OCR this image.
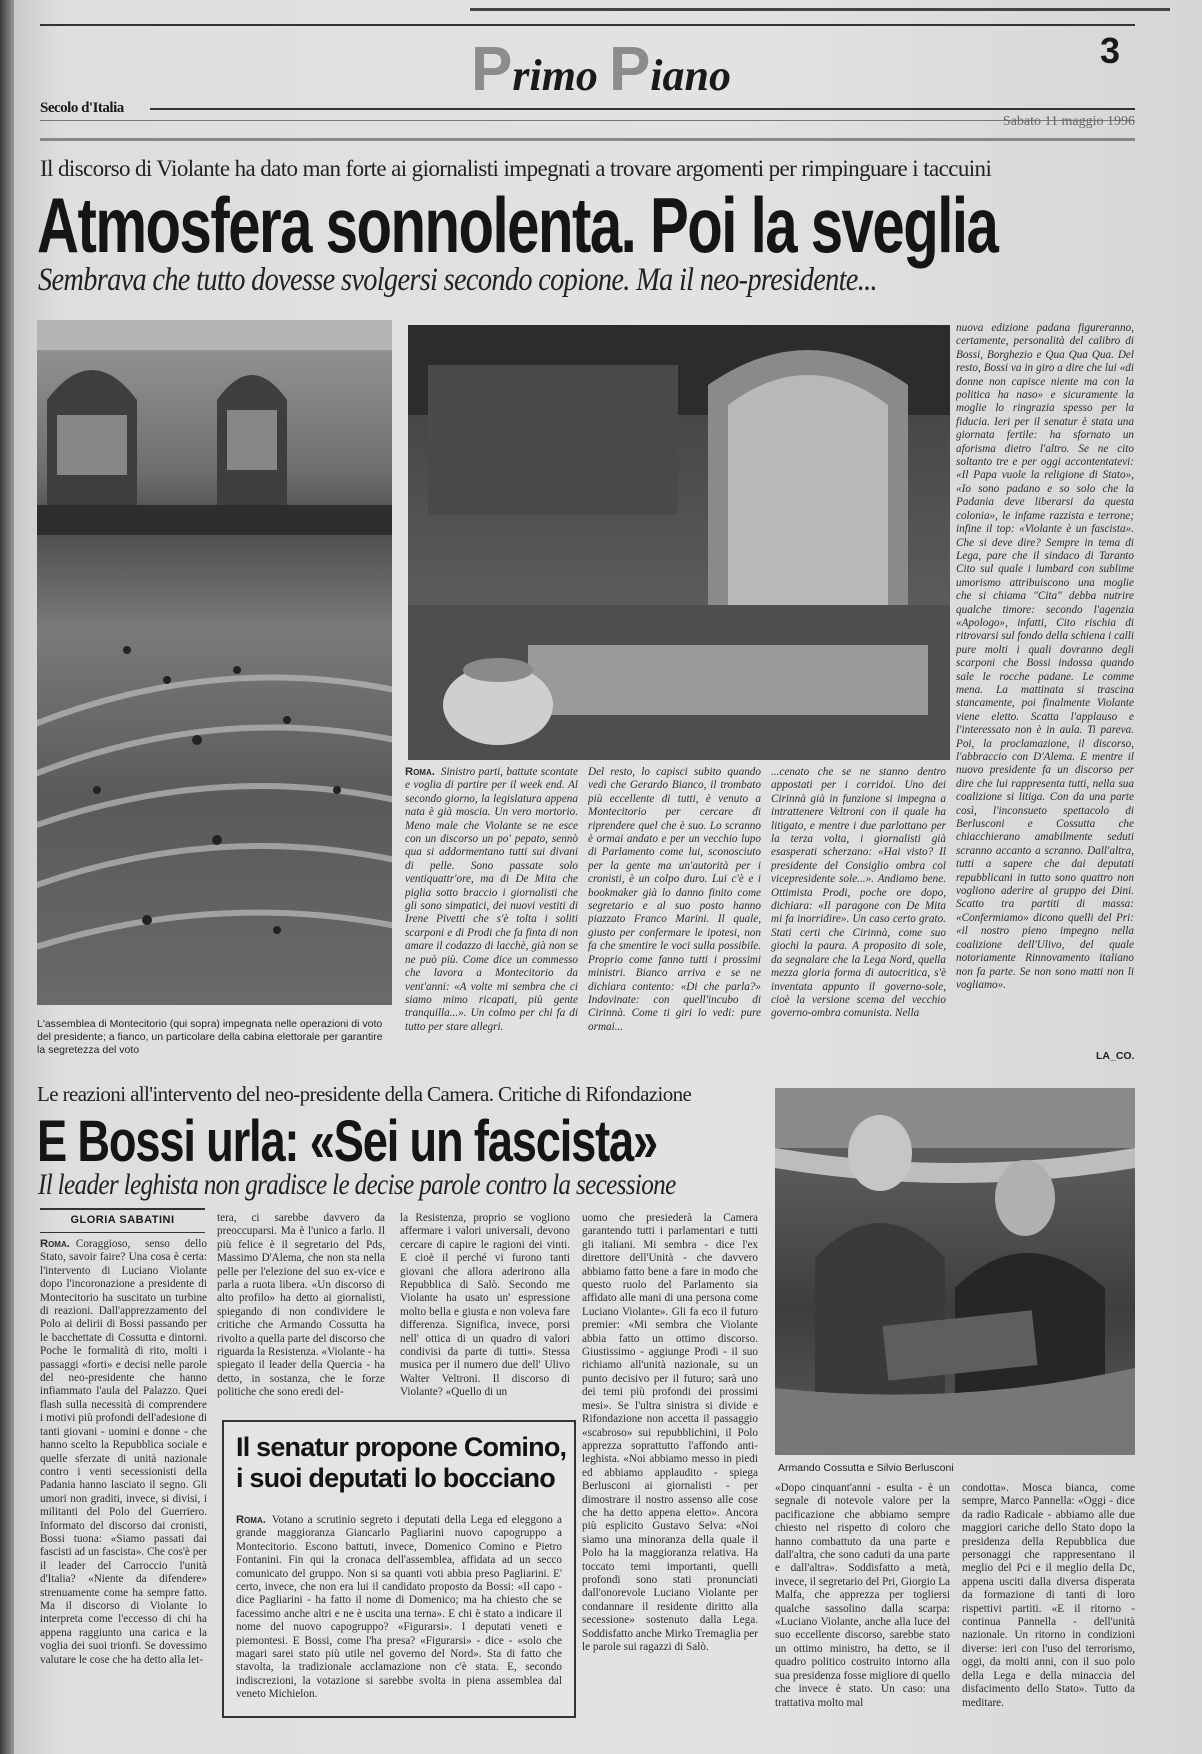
Primo Piano
3
Secolo d'Italia
Sabato 11 maggio 1996
Il discorso di Violante ha dato man forte ai giornalisti impegnati a trovare argomenti per rimpinguare i taccuini
Atmosfera sonnolenta. Poi la sveglia
Sembrava che tutto dovesse svolgersi secondo copione. Ma il neo-presidente...
L'assemblea di Montecitorio (qui sopra) impegnata nelle operazioni di voto del presidente; a fianco, un particolare della cabina elettorale per garantire la segretezza del voto
Roma. Sinistro parti, battute scontate e voglia di partire per il week end. Al secondo giorno, la legislatura appena nata è già moscia. Un vero mortorio. Meno male che Violante se ne esce con un discorso un po' pepato, sennò qua si addormentano tutti sui divani di pelle. Sono passate solo ventiquattr'ore, ma di De Mita che piglia sotto braccio i giornalisti che gli sono simpatici, dei nuovi vestiti di Irene Pivetti che s'è tolta i soliti scarponi e di Prodi che fa finta di non amare il codazzo di lacchè, già non se ne può più. Come dice un commesso che lavora a Montecitorio da vent'anni: «A volte mi sembra che ci siamo mimo ricapati, più gente tranquilla...». Un colmo per chi fa di tutto per stare allegri.
Del resto, lo capisci subito quando vedi che Gerardo Bianco, il trombato più eccellente di tutti, è venuto a Montecitorio per cercare di riprendere quel che è suo. Lo scranno è ormai andato e per un vecchio lupo di Parlamento come lui, sconosciuto per la gente ma un'autorità per i cronisti, è un colpo duro. Lui c'è e i bookmaker già lo danno finito come segretario e al suo posto hanno piazzato Franco Marini. Il quale, giusto per confermare le ipotesi, non fa che smentire le voci sulla possibile. Proprio come fanno tutti i prossimi ministri. Bianco arriva e se ne dichiara contento: «Di che parla?» Indovinate: con quell'incubo di Cirinnà. Come ti giri lo vedi: pure ormai...
...cenato che se ne stanno dentro appostati per i corridoi. Uno dei Cirinnà già in funzione si impegna a intrattenere Veltroni con il quale ha litigato, e mentre i due parlottano per la terza volta, i giornalisti già esasperati scherzano: «Hai visto? Il presidente del Consiglio ombra col vicepresidente sole...». Andiamo bene. Ottimista Prodi, poche ore dopo, dichiara: «Il paragone con De Mita mi fa inorridire». Un caso certo grato. Stati certi che Cirinnà, come suo giochi la paura. A proposito di sole, da segnalare che la Lega Nord, quella mezza gloria forma di autocritica, s'è inventata appunto il governo-sole, cioè la versione scema del vecchio governo-ombra comunista. Nella
nuova edizione padana figureranno, certamente, personalità del calibro di Bossi, Borghezio e Qua Qua Qua. Del resto, Bossi va in giro a dire che lui «di donne non capisce niente ma con la politica ha naso» e sicuramente la moglie lo ringrazia spesso per la fiducia. Ieri per il senatur è stata una giornata fertile: ha sfornato un aforisma dietro l'altro. Se ne cito soltanto tre e per oggi accontentatevi: «Il Papa vuole la religione di Stato», «Io sono padano e so solo che la Padania deve liberarsi da questa colonia», le infame razzista e terrone; infine il top: «Violante è un fascista». Che si deve dire? Sempre in tema di Lega, pare che il sindaco di Taranto Cito sul quale i lumbard con sublime umorismo attribuiscono una moglie che si chiama "Cita" debba nutrire qualche timore: secondo l'agenzia «Apologo», infatti, Cito rischia di ritrovarsi sul fondo della schiena i calli pure molti i quali dovranno degli scarponi che Bossi indossa quando sale le rocche padane. Le comme mena. La mattinata si trascina stancamente, poi finalmente Violante viene eletto. Scatta l'applauso e l'interessato non è in aula. Ti pareva. Poi, la proclamazione, il discorso, l'abbraccio con D'Alema. E mentre il nuovo presidente fa un discorso per dire che lui rappresenta tutti, nella sua coalizione si litiga. Con da una parte così, l'inconsueto spettacolo di Berlusconi e Cossutta che chiacchierano amabilmente seduti scranno accanto a scranno. Dall'altra, tutti a sapere che dai deputati repubblicani in tutto sono quattro non vogliono aderire al gruppo dei Dini. Scatto tra partiti di massa: «Confermiamo» dicono quelli del Pri: «il nostro pieno impegno nella coalizione dell'Ulivo, del quale notoriamente Rinnovamento italiano non fa parte. Se non sono matti non li vogliamo».
LA_CO.
Le reazioni all'intervento del neo-presidente della Camera. Critiche di Rifondazione
E Bossi urla: «Sei un fascista»
Il leader leghista non gradisce le decise parole contro la secessione
Armando Cossutta e Silvio Berlusconi
GLORIA SABATINI
Roma. Coraggioso, senso dello Stato, savoir faire? Una cosa è certa: l'intervento di Luciano Violante dopo l'incoronazione a presidente di Montecitorio ha suscitato un turbine di reazioni. Dall'apprezzamento del Polo ai delirii di Bossi passando per le bacchettate di Cossutta e dintorni. Poche le formalità di rito, molti i passaggi «forti» e decisi nelle parole del neo-presidente che hanno infiammato l'aula del Palazzo. Quei flash sulla necessità di comprendere i motivi più profondi dell'adesione di tanti giovani - uomini e donne - che hanno scelto la Repubblica sociale e quelle sferzate di unità nazionale contro i venti secessionisti della Padania hanno lasciato il segno. Gli umori non graditi, invece, si divisi, i militanti del Polo del Guerriero. Informato del discorso dai cronisti, Bossi tuona: «Siamo passati dai fascisti ad un fascista». Che cos'è per il leader del Carroccio l'unità d'Italia? «Niente da difendere» strenuamente come ha sempre fatto. Ma il discorso di Violante lo interpreta come l'eccesso di chi ha appena raggiunto una carica e la voglia dei suoi trionfi. Se dovessimo valutare le cose che ha detto alla let-
tera, ci sarebbe davvero da preoccuparsi. Ma è l'unico a farlo. Il più felice è il segretario del Pds, Massimo D'Alema, che non sta nella pelle per l'elezione del suo ex-vice e parla a ruota libera. «Un discorso di alto profilo» ha detto ai giornalisti, spiegando di non condividere le critiche che Armando Cossutta ha rivolto a quella parte del discorso che riguarda la Resistenza. «Violante - ha spiegato il leader della Quercia - ha detto, in sostanza, che le forze politiche che sono eredi del-
la Resistenza, proprio se vogliono affermare i valori universali, devono cercare di capire le ragioni dei vinti. E cioè il perché vi furono tanti giovani che allora aderirono alla Repubblica di Salò. Secondo me Violante ha usato un' espressione molto bella e giusta e non voleva fare differenza. Significa, invece, porsi nell' ottica di un quadro di valori condivisi da parte di tutti». Stessa musica per il numero due dell' Ulivo Walter Veltroni. Il discorso di Violante? «Quello di un
uomo che presiederà la Camera garantendo tutti i parlamentari e tutti gli italiani. Mi sembra - dice l'ex direttore dell'Unità - che davvero abbiamo fatto bene a fare in modo che questo ruolo del Parlamento sia affidato alle mani di una persona come Luciano Violante». Gli fa eco il futuro premier: «Mi sembra che Violante abbia fatto un ottimo discorso. Giustissimo - aggiunge Prodi - il suo richiamo all'unità nazionale, su un punto decisivo per il futuro; sarà uno dei temi più profondi dei prossimi mesi». Se l'ultra sinistra si divide e Rifondazione non accetta il passaggio «scabroso» sui repubblichini, il Polo apprezza soprattutto l'affondo anti-leghista. «Noi abbiamo messo in piedi ed abbiamo applaudito - spiega Berlusconi ai giornalisti - per dimostrare il nostro assenso alle cose che ha detto appena eletto». Ancora più esplicito Gustavo Selva: «Noi siamo una minoranza della quale il Polo ha la maggioranza relativa. Ha toccato temi importanti, quelli profondi sono stati pronunciati dall'onorevole Luciano Violante per condannare il residente diritto alla secessione» sostenuto dalla Lega. Soddisfatto anche Mirko Tremaglia per le parole sui ragazzi di Salò.
«Dopo cinquant'anni - esulta - è un segnale di notevole valore per la pacificazione che abbiamo sempre chiesto nel rispetto di coloro che hanno combattuto da una parte e dall'altra, che sono caduti da una parte e dall'altra». Soddisfatto a metà, invece, il segretario del Pri, Giorgio La Malfa, che apprezza per togliersi qualche sassolino dalla scarpa: «Luciano Violante, anche alla luce del suo eccellente discorso, sarebbe stato un ottimo ministro, ha detto, se il quadro politico costruito intorno alla sua presidenza fosse migliore di quello che invece è stato. Un caso: una trattativa molto mal
condotta». Mosca bianca, come sempre, Marco Pannella: «Oggi - dice da radio Radicale - abbiamo alle due maggiori cariche dello Stato dopo la presidenza della Repubblica due personaggi che rappresentano il meglio del Pci e il meglio della Dc, appena usciti dalla diversa disperata da formazione di tanti di loro rispettivi partiti. «E il ritorno - continua Pannella - dell'unità nazionale. Un ritorno in condizioni diverse: ieri con l'uso del terrorismo, oggi, da molti anni, con il suo polo della Lega e della minaccia del disfacimento dello Stato». Tutto da meditare.
Il senatur propone Comino,
i suoi deputati lo bocciano
Roma. Votano a scrutinio segreto i deputati della Lega ed eleggono a grande maggioranza Giancarlo Pagliarini nuovo capogruppo a Montecitorio. Escono battuti, invece, Domenico Comino e Pietro Fontanini. Fin qui la cronaca dell'assemblea, affidata ad un secco comunicato del gruppo. Non si sa quanti voti abbia preso Pagliarini. E' certo, invece, che non era lui il candidato proposto da Bossi: «Il capo - dice Pagliarini - ha fatto il nome di Domenico; ma ha chiesto che se facessimo anche altri e ne è uscita una terna». E chi è stato a indicare il nome del nuovo capogruppo? «Figurarsi». I deputati veneti e piemontesi. E Bossi, come l'ha presa? «Figurarsi» - dice - «solo che magari sarei stato più utile nel governo del Nord». Sta di fatto che stavolta, la tradizionale acclamazione non c'è stata. E, secondo indiscrezioni, la votazione si sarebbe svolta in piena assemblea dal veneto Michielon.
